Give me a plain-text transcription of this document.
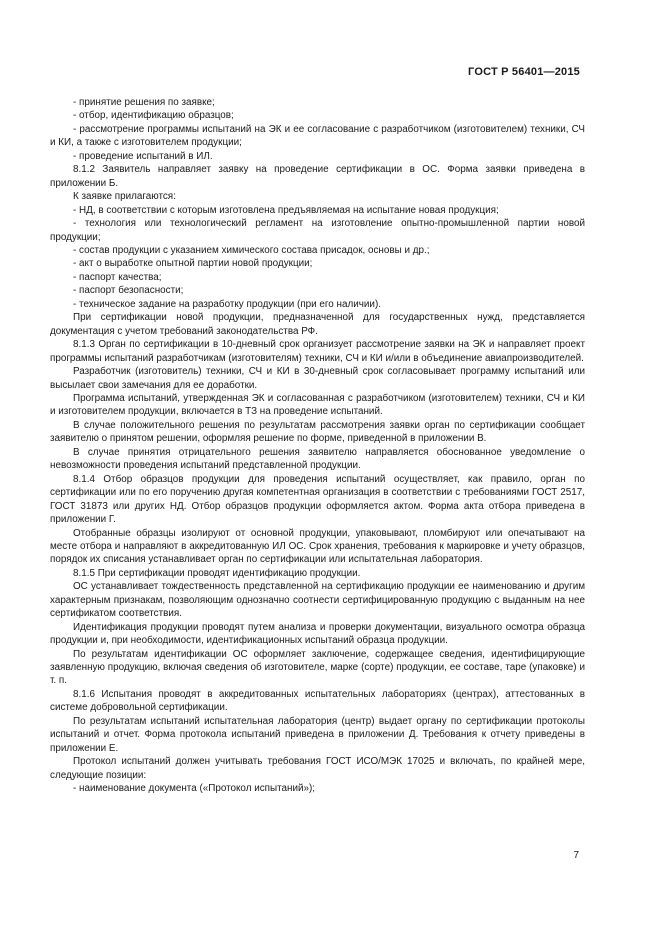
ГОСТ Р 56401—2015

- принятие решения по заявке;

- отбор, идентификацию образцов;

- рассмотрение программы испытаний на ЭК и ее согласование с разработчиком (изготовителем) техники, СЧ и КИ, а также с изготовителем продукции;

- проведение испытаний в ИЛ.

8.1.2 Заявитель направляет заявку на проведение сертификации в ОС. Форма заявки приведена в приложении Б.

К заявке прилагаются:

- НД, в соответствии с которым изготовлена предъявляемая на испытание новая продукция;

- технология или технологический регламент на изготовление опытно-промышленной партии новой продукции;

- состав продукции с указанием химического состава присадок, основы и др.;

- акт о выработке опытной партии новой продукции;

- паспорт качества;

- паспорт безопасности;

- техническое задание на разработку продукции (при его наличии).

При сертификации новой продукции, предназначенной для государственных нужд, представляется документация с учетом требований законодательства РФ.

8.1.3 Орган по сертификации в 10-дневный срок организует рассмотрение заявки на ЭК и направляет проект программы испытаний разработчикам (изготовителям) техники, СЧ и КИ и/или в объединение авиапроизводителей.

Разработчик (изготовитель) техники, СЧ и КИ в 30-дневный срок согласовывает программу испытаний или высылает свои замечания для ее доработки.

Программа испытаний, утвержденная ЭК и согласованная с разработчиком (изготовителем) техники, СЧ и КИ и изготовителем продукции, включается в ТЗ на проведение испытаний.

В случае положительного решения по результатам рассмотрения заявки орган по сертификации сообщает заявителю о принятом решении, оформляя решение по форме, приведенной в приложении В.

В случае принятия отрицательного решения заявителю направляется обоснованное уведомление о невозможности проведения испытаний представленной продукции.

8.1.4 Отбор образцов продукции для проведения испытаний осуществляет, как правило, орган по сертификации или по его поручению другая компетентная организация в соответствии с требованиями ГОСТ 2517, ГОСТ 31873 или других НД. Отбор образцов продукции оформляется актом. Форма акта отбора приведена в приложении Г.

Отобранные образцы изолируют от основной продукции, упаковывают, пломбируют или опечатывают на месте отбора и направляют в аккредитованную ИЛ ОС. Срок хранения, требования к маркировке и учету образцов, порядок их списания устанавливает орган по сертификации или испытательная лаборатория.

8.1.5 При сертификации проводят идентификацию продукции.

ОС устанавливает тождественность представленной на сертификацию продукции ее наименованию и другим характерным признакам, позволяющим однозначно соотнести сертифицированную продукцию с выданным на нее сертификатом соответствия.

Идентификация продукции проводят путем анализа и проверки документации, визуального осмотра образца продукции и, при необходимости, идентификационных испытаний образца продукции.

По результатам идентификации ОС оформляет заключение, содержащее сведения, идентифицирующие заявленную продукцию, включая сведения об изготовителе, марке (сорте) продукции, ее составе, таре (упаковке) и т. п.

8.1.6 Испытания проводят в аккредитованных испытательных лабораториях (центрах), аттестованных в системе добровольной сертификации.

По результатам испытаний испытательная лаборатория (центр) выдает органу по сертификации протоколы испытаний и отчет. Форма протокола испытаний приведена в приложении Д. Требования к отчету приведены в приложении Е.

Протокол испытаний должен учитывать требования ГОСТ ИСО/МЭК 17025 и включать, по крайней мере, следующие позиции:

- наименование документа («Протокол испытаний»);

7
